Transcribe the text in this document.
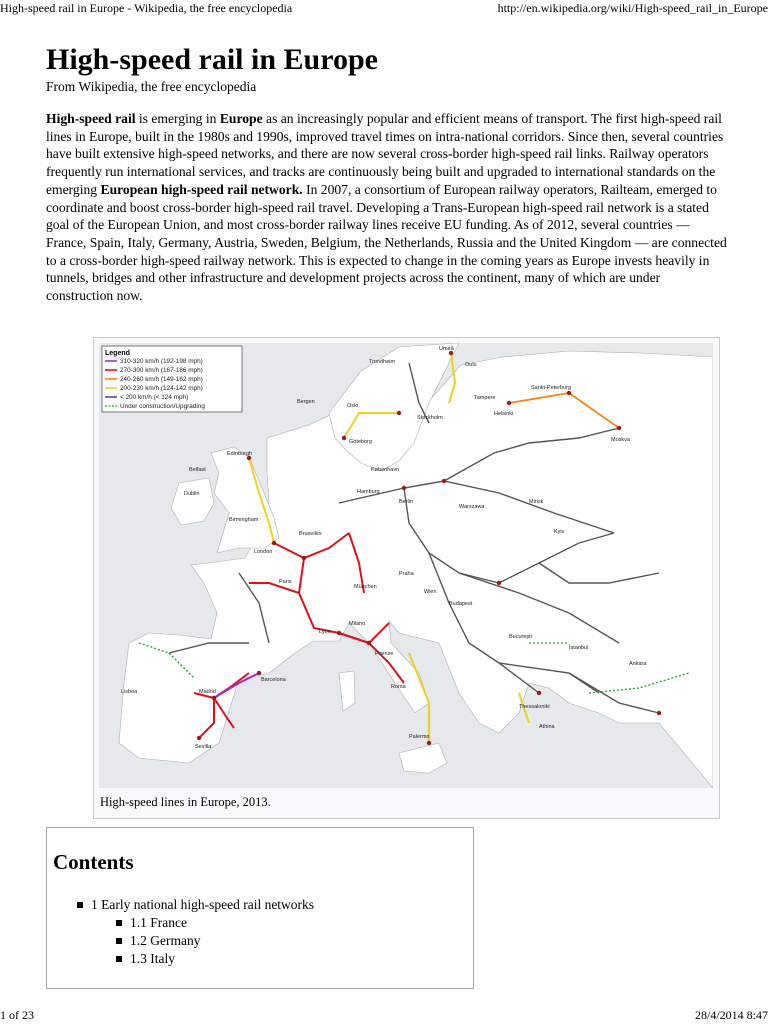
High-speed rail in Europe - Wikipedia, the free encyclopedia	http://en.wikipedia.org/wiki/High-speed_rail_in_Europe
High-speed rail in Europe
From Wikipedia, the free encyclopedia

High-speed rail is emerging in Europe as an increasingly popular and efficient means of transport. The first high-speed rail lines in Europe, built in the 1980s and 1990s, improved travel times on intra-national corridors. Since then, several countries have built extensive high-speed networks, and there are now several cross-border high-speed rail links. Railway operators frequently run international services, and tracks are continuously being built and upgraded to international standards on the emerging European high-speed rail network. In 2007, a consortium of European railway operators, Railteam, emerged to coordinate and boost cross-border high-speed rail travel. Developing a Trans-European high-speed rail network is a stated goal of the European Union, and most cross-border railway lines receive EU funding. As of 2012, several countries — France, Spain, Italy, Germany, Austria, Sweden, Belgium, the Netherlands, Russia and the United Kingdom — are connected to a cross-border high-speed railway network. This is expected to change in the coming years as Europe invests heavily in tunnels, bridges and other infrastructure and development projects across the continent, many of which are under construction now.

Umeå
Oulu
Trondheim
Tampere
Helsinki
Sankt-Peterburg
Bergen
Oslo
Stockholm
Moskva
Göteborg
København
Edinburgh
Belfast
Dublin
Birmingham
London
Hamburg
Berlin
Warszawa
Minsk
Kyiv
Bruxelles
Paris
München
Praha
Wien
Budapest
Bucureşti
Lyon
Milano
Firenze
Roma
Madrid
Barcelona
Lisboa
Sevilla
İstanbul
Ankara
Thessaloniki
Athina
Palermo
Legend
310-320 km/h (192-198 mph)
270-300 km/h (167-186 mph)
240-260 km/h (149-162 mph)
200-230 km/h (124-142 mph)
< 200 km/h (< 124 mph)
Under construction/Upgrading
High-speed lines in Europe, 2013.
Contents
1 Early national high-speed rail networks
1.1 France
1.2 Germany
1.3 Italy
1 of 23	28/4/2014 8:47
